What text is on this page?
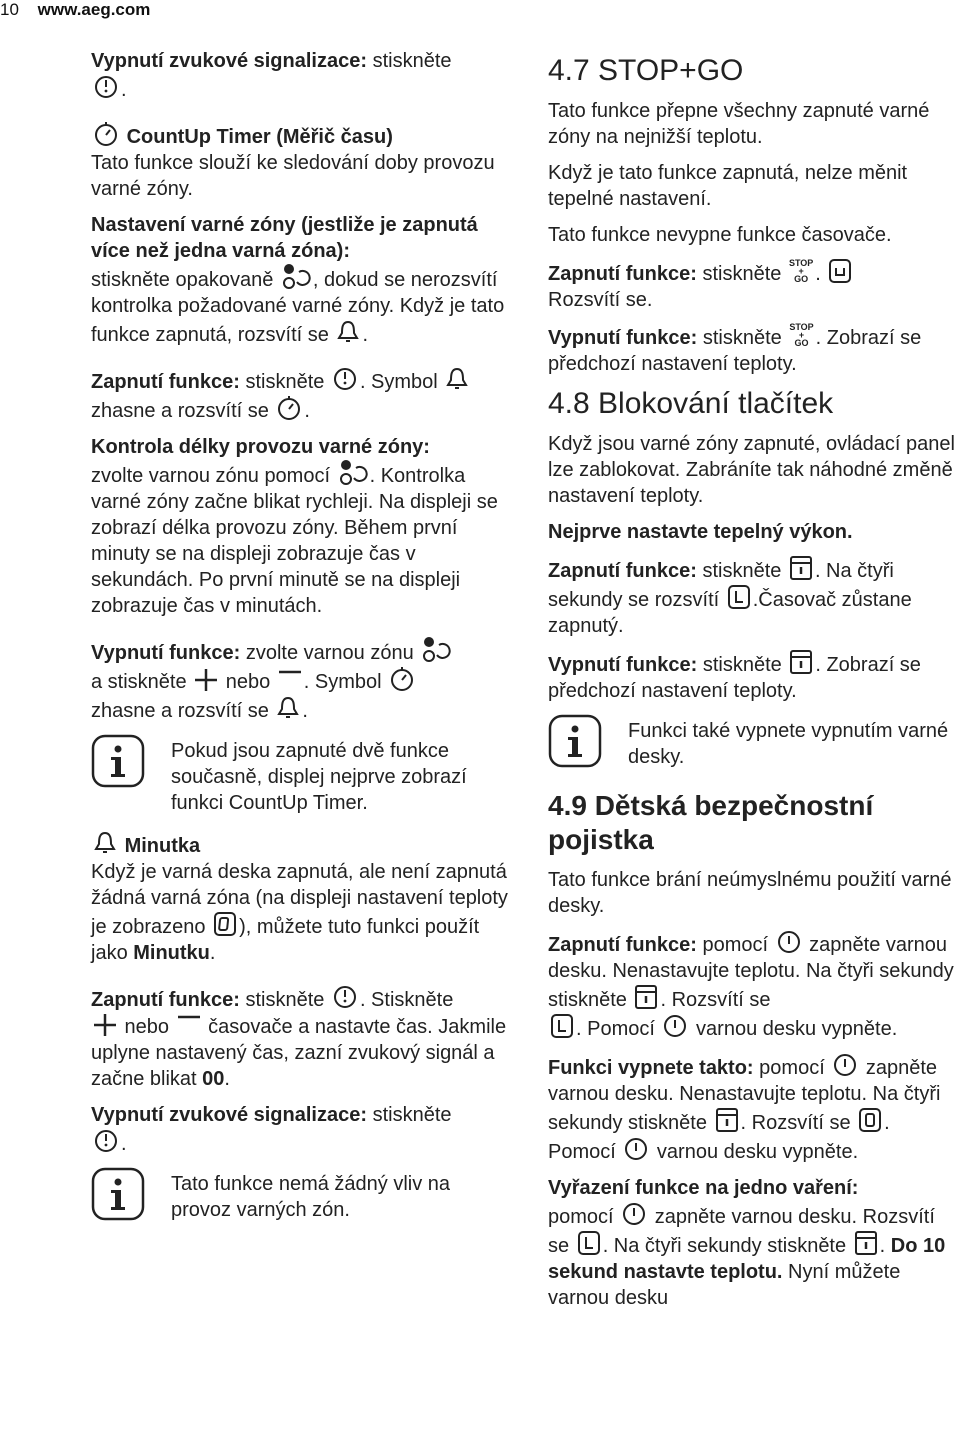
10 www.aeg.com

Vypnutí zvukové signalizace: stiskněte

.

CountUp Timer (Měřič času)
Tato funkce slouží ke sledování doby provozu varné zóny.

Nastavení varné zóny (jestliže je zapnutá více než jedna varná zóna):
stiskněte opakovaně
, dokud se nerozsvítí kontrolka požadované varné zóny. Když je tato funkce zapnutá, rozsvítí se
.

Zapnutí funkce: stiskněte
. Symbol

zhasne a rozsvítí se
.

Kontrola délky provozu varné zóny:
zvolte varnou zónu pomocí
. Kontrolka varné zóny začne blikat rychleji. Na displeji se zobrazí délka provozu zóny. Během první minuty se na displeji zobrazuje čas v sekundách. Po první minutě se na displeji zobrazuje čas v minutách.

Vypnutí funkce: zvolte varnou zónu

a stiskněte
nebo
. Symbol

zhasne a rozsvítí se
.

Pokud jsou zapnuté dvě funkce současně, displej nejprve zobrazí funkci CountUp Timer.

Minutka
Když je varná deska zapnutá, ale není zapnutá žádná varná zóna (na displeji nastavení teploty je zobrazeno
), můžete tuto funkci použít jako Minutku.

Zapnutí funkce: stiskněte
. Stiskněte

nebo
časovače a nastavte čas. Jakmile uplyne nastavený čas, zazní zvukový signál a začne blikat 00.

Vypnutí zvukové signalizace: stiskněte

.

Tato funkce nemá žádný vliv na provoz varných zón.
4.7 STOP+GO

Tato funkce přepne všechny zapnuté varné zóny na nejnižší teplotu.

Když je tato funkce zapnutá, nelze měnit tepelné nastavení.

Tato funkce nevypne funkce časovače.

Zapnutí funkce: stiskněte STOP
+
GO .

Rozsvítí se.

Vypnutí funkce: stiskněte STOP
+
GO . Zobrazí se předchozí nastavení teploty.

4.8 Blokování tlačítek

Když jsou varné zóny zapnuté, ovládací panel lze zablokovat. Zabráníte tak náhodné změně nastavení teploty.

Nejprve nastavte tepelný výkon.

Zapnutí funkce: stiskněte
. Na čtyři sekundy se rozsvítí
.Časovač zůstane zapnutý.

Vypnutí funkce: stiskněte
. Zobrazí se předchozí nastavení teploty.

Funkci také vypnete vypnutím varné desky.
4.9 Dětská bezpečnostní pojistka

Tato funkce brání neúmyslnému použití varné desky.

Zapnutí funkce: pomocí
zapněte varnou desku. Nenastavujte teplotu. Na čtyři sekundy stiskněte
. Rozsvítí se

. Pomocí
varnou desku vypněte.

Funkci vypnete takto: pomocí
zapněte varnou desku. Nenastavujte teplotu. Na čtyři sekundy stiskněte
. Rozsvítí se
. Pomocí
varnou desku vypněte.

Vyřazení funkce na jedno vaření:
pomocí
zapněte varnou desku. Rozsvítí se
. Na čtyři sekundy stiskněte
. Do 10 sekund nastavte teplotu. Nyní můžete varnou desku
